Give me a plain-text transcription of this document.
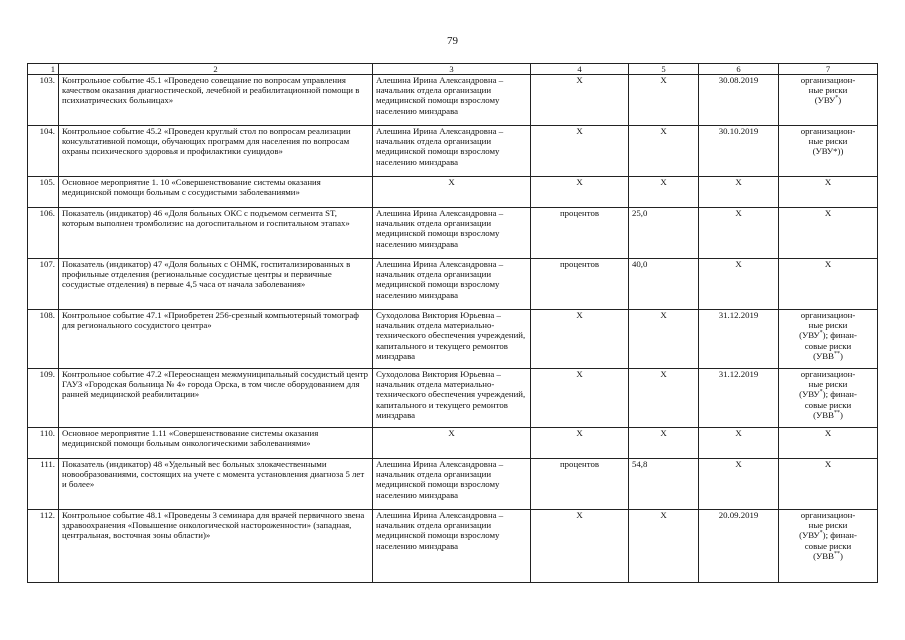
79
1	2	3	4	5	6	7
103.	Контрольное событие 45.1 «Проведено совещание по вопросам управления качеством оказания диагностической, лечебной и реабилитационной помощи в психиатрических больницах»	Алешина Ирина Александровна – начальник отдела организации медицинской помощи взрослому населению минздрава	X	X	30.08.2019	организацион-
ные риски
(УВУ*)

104.	Контрольное событие 45.2 «Проведен круглый стол по вопросам реализации консультативной помощи, обучающих программ для населения по вопросам охраны психического здоровья и профилактики суицидов»	Алешина Ирина Александровна – начальник отдела организации медицинской помощи взрослому населению минздрава	X	X	30.10.2019	организацион-
ные риски
(УВУ*))

105.	Основное мероприятие 1. 10 «Совершенствование системы оказания медицинской помощи больным с сосудистыми заболеваниями»	X	X	X	X	X
106.	Показатель (индикатор) 46 «Доля больных ОКС с подъемом сегмента ST, которым выполнен тромболизис на догоспитальном и госпитальном этапах»	Алешина Ирина Александровна – начальник отдела организации медицинской помощи взрослому населению минздрава	процентов	25,0	X	X
107.	Показатель (индикатор) 47 «Доля больных с ОНМК, госпитализированных в профильные отделения (региональные сосудистые центры и первичные сосудистые отделения) в первые 4,5 часа от начала заболевания»	Алешина Ирина Александровна – начальник отдела организации медицинской помощи взрослому населению минздрава	процентов	40,0	X	X
108.	Контрольное событие 47.1 «Приобретен 256-срезный компьютерный томограф для регионального сосудистого центра»	Суходолова Виктория Юрьевна – начальник отдела материально-технического обеспечения учреждений, капитального и текущего ремонтов минздрава	X	X	31.12.2019	организацион-
ные риски
(УВУ*); финан-
совые риски
(УВВ**)

109.	Контрольное событие 47.2 «Переоснащен межмуниципальный сосудистый центр ГАУЗ «Городская больница № 4» города Орска, в том числе оборудованием для ранней медицинской реабилитации»	Суходолова Виктория Юрьевна – начальник отдела материально-технического обеспечения учреждений, капитального и текущего ремонтов минздрава	X	X	31.12.2019	организацион-
ные риски
(УВУ*); финан-
совые риски
(УВВ**)

110.	Основное мероприятие 1.11 «Совершенствование системы оказания медицинской помощи больным онкологическими заболеваниями»	X	X	X	X	X
111.	Показатель (индикатор) 48 «Удельный вес больных злокачественными новообразованиями, состоящих на учете с момента установления диагноза 5 лет и более»	Алешина Ирина Александровна – начальник отдела организации медицинской помощи взрослому населению минздрава	процентов	54,8	X	X
112.	Контрольное событие 48.1 «Проведены 3 семинара для врачей первичного звена здравоохранения «Повышение онкологической настороженности» (западная, центральная, восточная зоны области)»	Алешина Ирина Александровна – начальник отдела организации медицинской помощи взрослому населению минздрава	X	X	20.09.2019	организацион-
ные риски
(УВУ*); финан-
совые риски
(УВВ**)
